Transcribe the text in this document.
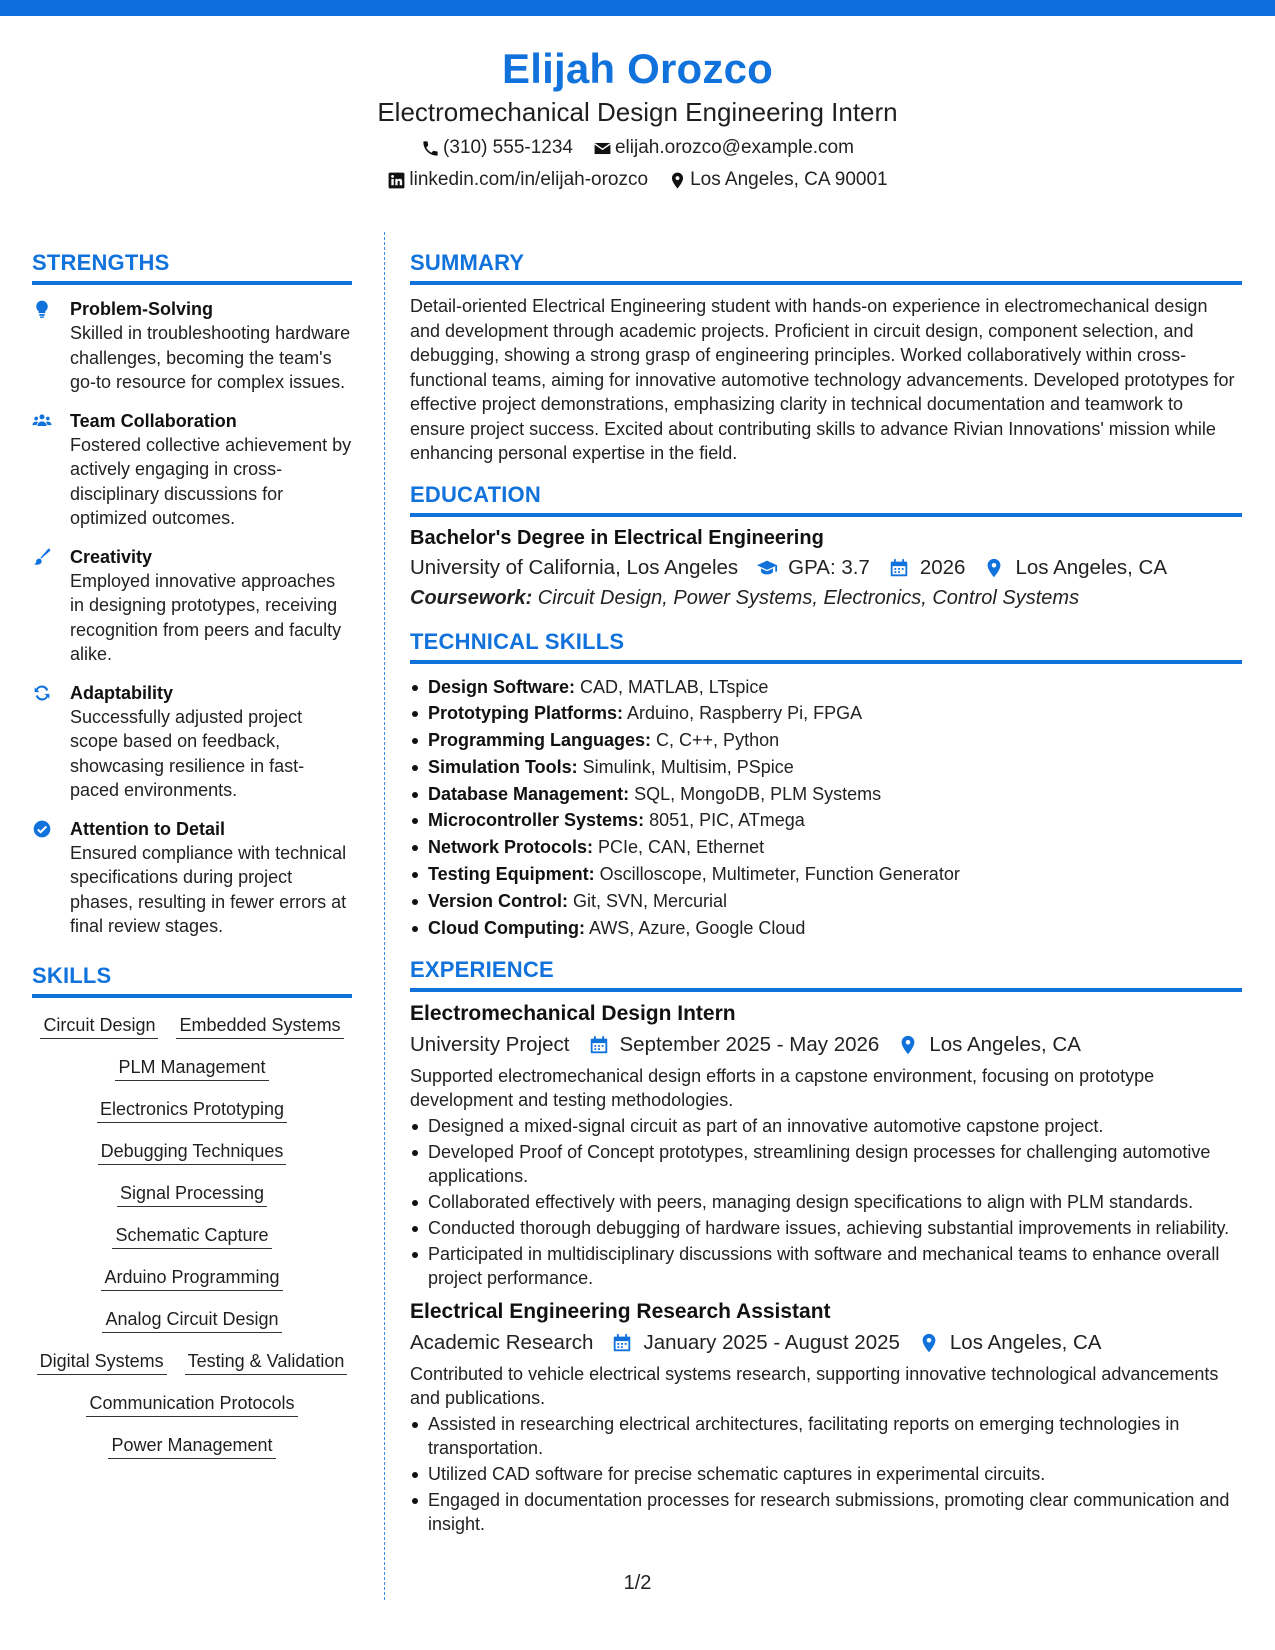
Elijah Orozco
Electromechanical Design Engineering Intern
(310) 555-1234 elijah.orozco@example.com
linkedin.com/in/elijah-orozco Los Angeles, CA 90001
STRENGTHS
Problem-Solving
Skilled in troubleshooting hardware challenges, becoming the team's go-to resource for complex issues.
Team Collaboration
Fostered collective achievement by actively engaging in cross-disciplinary discussions for optimized outcomes.
Creativity
Employed innovative approaches in designing prototypes, receiving recognition from peers and faculty alike.
Adaptability
Successfully adjusted project scope based on feedback, showcasing resilience in fast-paced environments.
Attention to Detail
Ensured compliance with technical specifications during project phases, resulting in fewer errors at final review stages.
SKILLS
Circuit Design Embedded Systems
PLM Management
Electronics Prototyping
Debugging Techniques
Signal Processing
Schematic Capture
Arduino Programming
Analog Circuit Design
Digital Systems Testing & Validation
Communication Protocols
Power Management
SUMMARY
Detail-oriented Electrical Engineering student with hands-on experience in electromechanical design and development through academic projects. Proficient in circuit design, component selection, and debugging, showing a strong grasp of engineering principles. Worked collaboratively within cross-functional teams, aiming for innovative automotive technology advancements. Developed prototypes for effective project demonstrations, emphasizing clarity in technical documentation and teamwork to ensure project success. Excited about contributing skills to advance Rivian Innovations' mission while enhancing personal expertise in the field.
EDUCATION
Bachelor's Degree in Electrical Engineering
University of California, Los Angeles GPA: 3.7 2026 Los Angeles, CA
Coursework: Circuit Design, Power Systems, Electronics, Control Systems
TECHNICAL SKILLS
Design Software: CAD, MATLAB, LTspice
Prototyping Platforms: Arduino, Raspberry Pi, FPGA
Programming Languages: C, C++, Python
Simulation Tools: Simulink, Multisim, PSpice
Database Management: SQL, MongoDB, PLM Systems
Microcontroller Systems: 8051, PIC, ATmega
Network Protocols: PCIe, CAN, Ethernet
Testing Equipment: Oscilloscope, Multimeter, Function Generator
Version Control: Git, SVN, Mercurial
Cloud Computing: AWS, Azure, Google Cloud
EXPERIENCE
Electromechanical Design Intern
University Project September 2025 - May 2026 Los Angeles, CA
Supported electromechanical design efforts in a capstone environment, focusing on prototype development and testing methodologies.
Designed a mixed-signal circuit as part of an innovative automotive capstone project.
Developed Proof of Concept prototypes, streamlining design processes for challenging automotive applications.
Collaborated effectively with peers, managing design specifications to align with PLM standards.
Conducted thorough debugging of hardware issues, achieving substantial improvements in reliability.
Participated in multidisciplinary discussions with software and mechanical teams to enhance overall project performance.
Electrical Engineering Research Assistant
Academic Research January 2025 - August 2025 Los Angeles, CA
Contributed to vehicle electrical systems research, supporting innovative technological advancements and publications.
Assisted in researching electrical architectures, facilitating reports on emerging technologies in transportation.
Utilized CAD software for precise schematic captures in experimental circuits.
Engaged in documentation processes for research submissions, promoting clear communication and insight.
1/2
